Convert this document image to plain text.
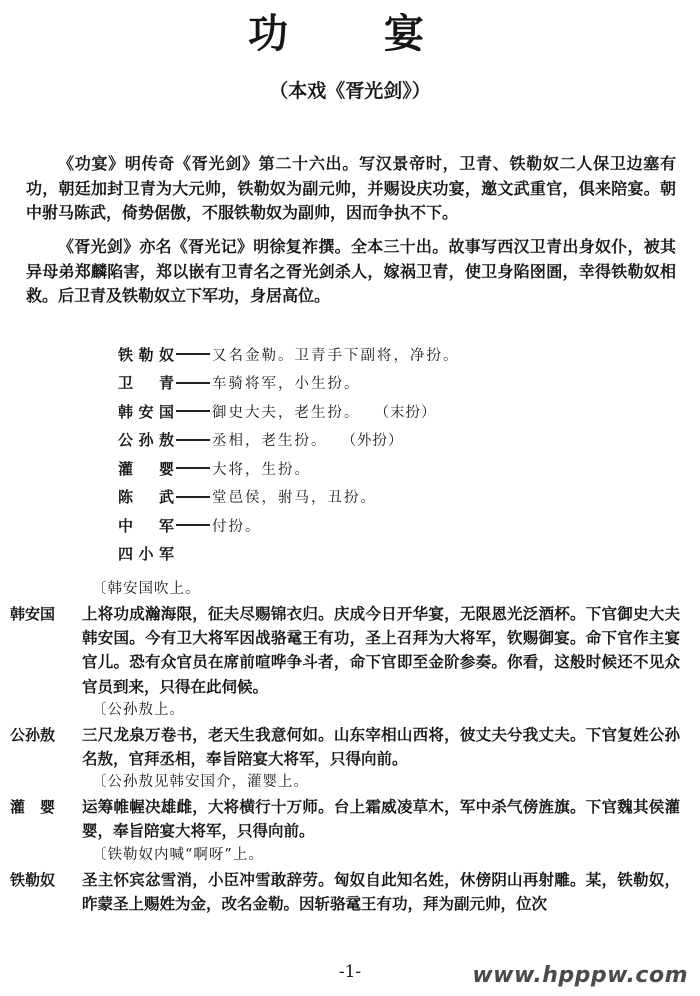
功　宴
（本戏《胥光剑》）

《功宴》明传奇《胥光剑》第二十六出。写汉景帝时，卫青、铁勒奴二人保卫边塞有功，朝廷加封卫青为大元帅，铁勒奴为副元帅，并赐设庆功宴，邀文武重官，俱来陪宴。朝中驸马陈武，倚势倨傲，不服铁勒奴为副帅，因而争执不下。

《胥光剑》亦名《胥光记》明徐复祚撰。全本三十出。故事写西汉卫青出身奴仆，被其异母弟郑麟陷害，郑以嵌有卫青名之胥光剑杀人，嫁祸卫青，使卫身陷囹圄，幸得铁勒奴相救。后卫青及铁勒奴立下军功，身居高位。

铁勒奴	又名金勒。卫青手下副将，净扮。
卫　青	车骑将军，小生扮。
韩安国	御史大夫，老生扮。 （末扮）
公孙敖	丞相，老生扮。 （外扮）
灌　婴	大将，生扮。
陈　武	堂邑侯，驸马，丑扮。
中　军	付扮。
四小军
〔韩安国吹上。
韩安国	上将功成瀚海限，征夫尽赐锦衣归。庆成今日开华宴，无限恩光泛酒杯。下官御史大夫韩安国。今有卫大将军因战骆鼋王有功，圣上召拜为大将军，钦赐御宴。命下官作主宴官儿。恐有众官员在席前喧哗争斗者，命下官即至金阶参奏。你看，这般时候还不见众官员到来，只得在此伺候。
〔公孙敖上。
公孙敖	三尺龙泉万卷书，老天生我意何如。山东宰相山西将，彼丈夫兮我丈夫。下官复姓公孙名敖，官拜丞相，奉旨陪宴大将军，只得向前。
〔公孙敖见韩安国介，灌婴上。
灌　婴	运筹帷幄决雄雌，大将横行十万师。台上霜威凌草木，军中杀气傍旌旗。下官魏其侯灌婴，奉旨陪宴大将军，只得向前。
〔铁勒奴内喊“啊呀”上。
铁勒奴	圣主怀宾忿雪消，小臣冲雪敢辞劳。匈奴自此知名姓，休傍阴山再射雕。某，铁勒奴，昨蒙圣上赐姓为金，改名金勒。因斩骆鼋王有功，拜为副元帅，位次
-1-	www.hpppw.com
